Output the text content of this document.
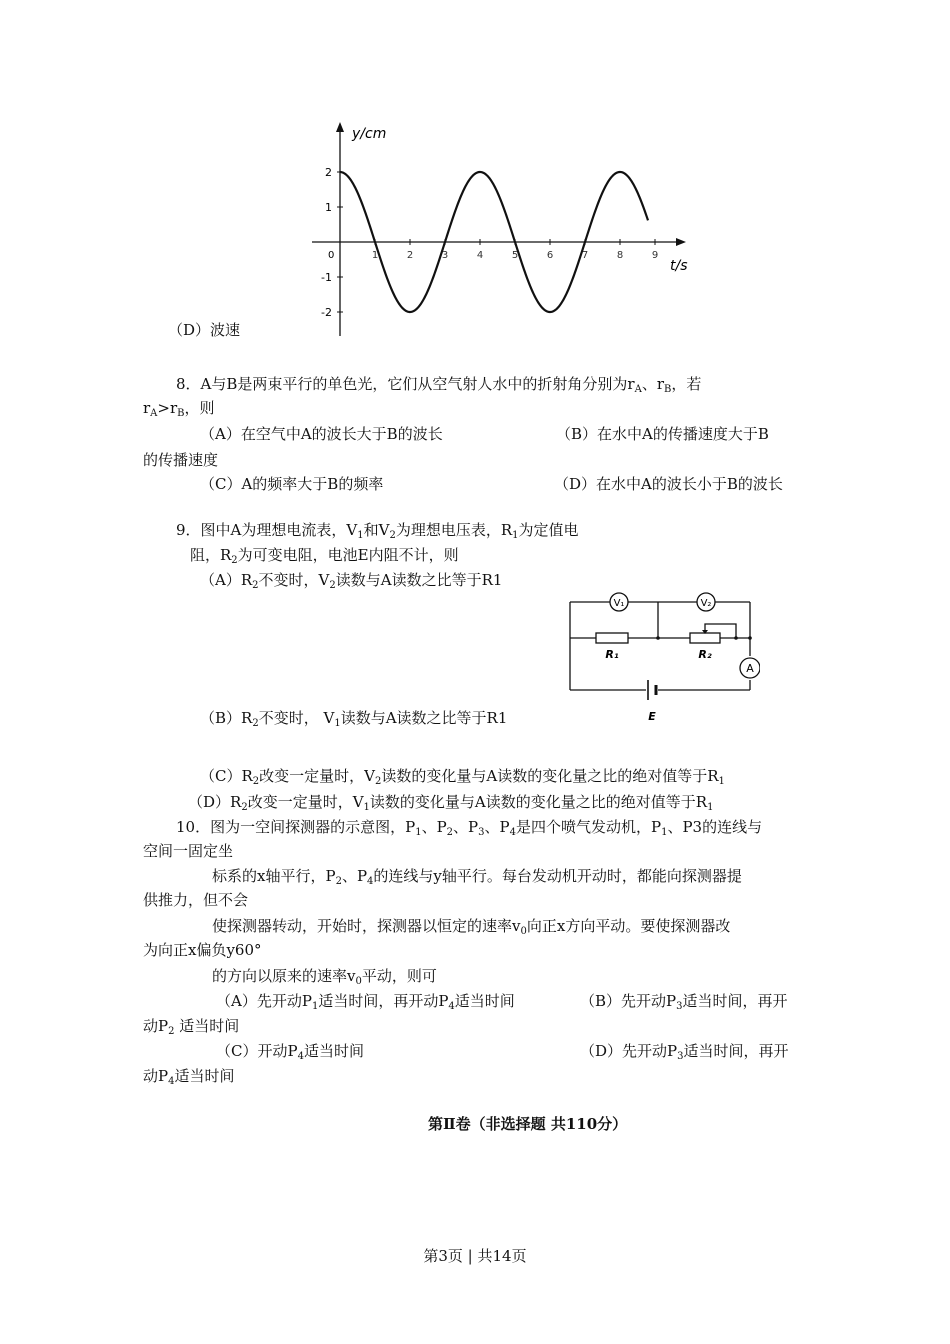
y/cm
t/s
0	1	2	3	4	5	6	7	8	9
2
1
-1
-2
（D）波速
8．A与B是两束平行的单色光，它们从空气射人水中的折射角分别为$r_A$、$r_B$，若
$r_A>r_B$，则
（A）在空气中A的波长大于B的波长	（B）在水中A的传播速度大于B
的传播速度
（C）A的频率大于B的频率	（D）在水中A的波长小于B的波长
9．图中A为理想电流表，$V_1$和$V_2$为理想电压表，$R_1$为定值电
阻，$R_2$为可变电阻，电池E内阻不计，则
$(A)R_2$不变时，$V_2$读数与A读数之比等于R1
V₁	V₂
A
R₁	R₂
E
$(B)R_2$不变时， $V_1$读数与A读数之比等于R1
$(C)R_2$改变一定量时，$V_2$读数的变化量与A读数的变化量之比的绝对值等于$R_1$
$(D)R_2$改变一定量时，$V_1$读数的变化量与A读数的变化量之比的绝对值等于$R_1$
10．图为一空间探测器的示意图，$P_1$、$P_2$、$P_3$、$P_4$是四个喷气发动机，$P_1$、P3的连线与
空间一固定坐
标系的x轴平行，$P_2$、$P_4$的连线与y轴平行。每台发动机开动时，都能向探测器提
供推力，但不会
使探测器转动，开始时，探测器以恒定的速率$v_0$向正x方向平动。要使探测器改
为向正x偏负y60°
的方向以原来的速率$v_0$平动，则可
（A）先开动$P_1$适当时间，再开动$P_4$适当时间	（B）先开动$P_3$适当时间，再开
动$P_2$ 适当时间
（C）开动$P_4$适当时间	（D）先开动$P_3$适当时间，再开
动$P_4$适当时间
第Ⅱ卷（非选择题 共110分）
第3页 | 共14页
